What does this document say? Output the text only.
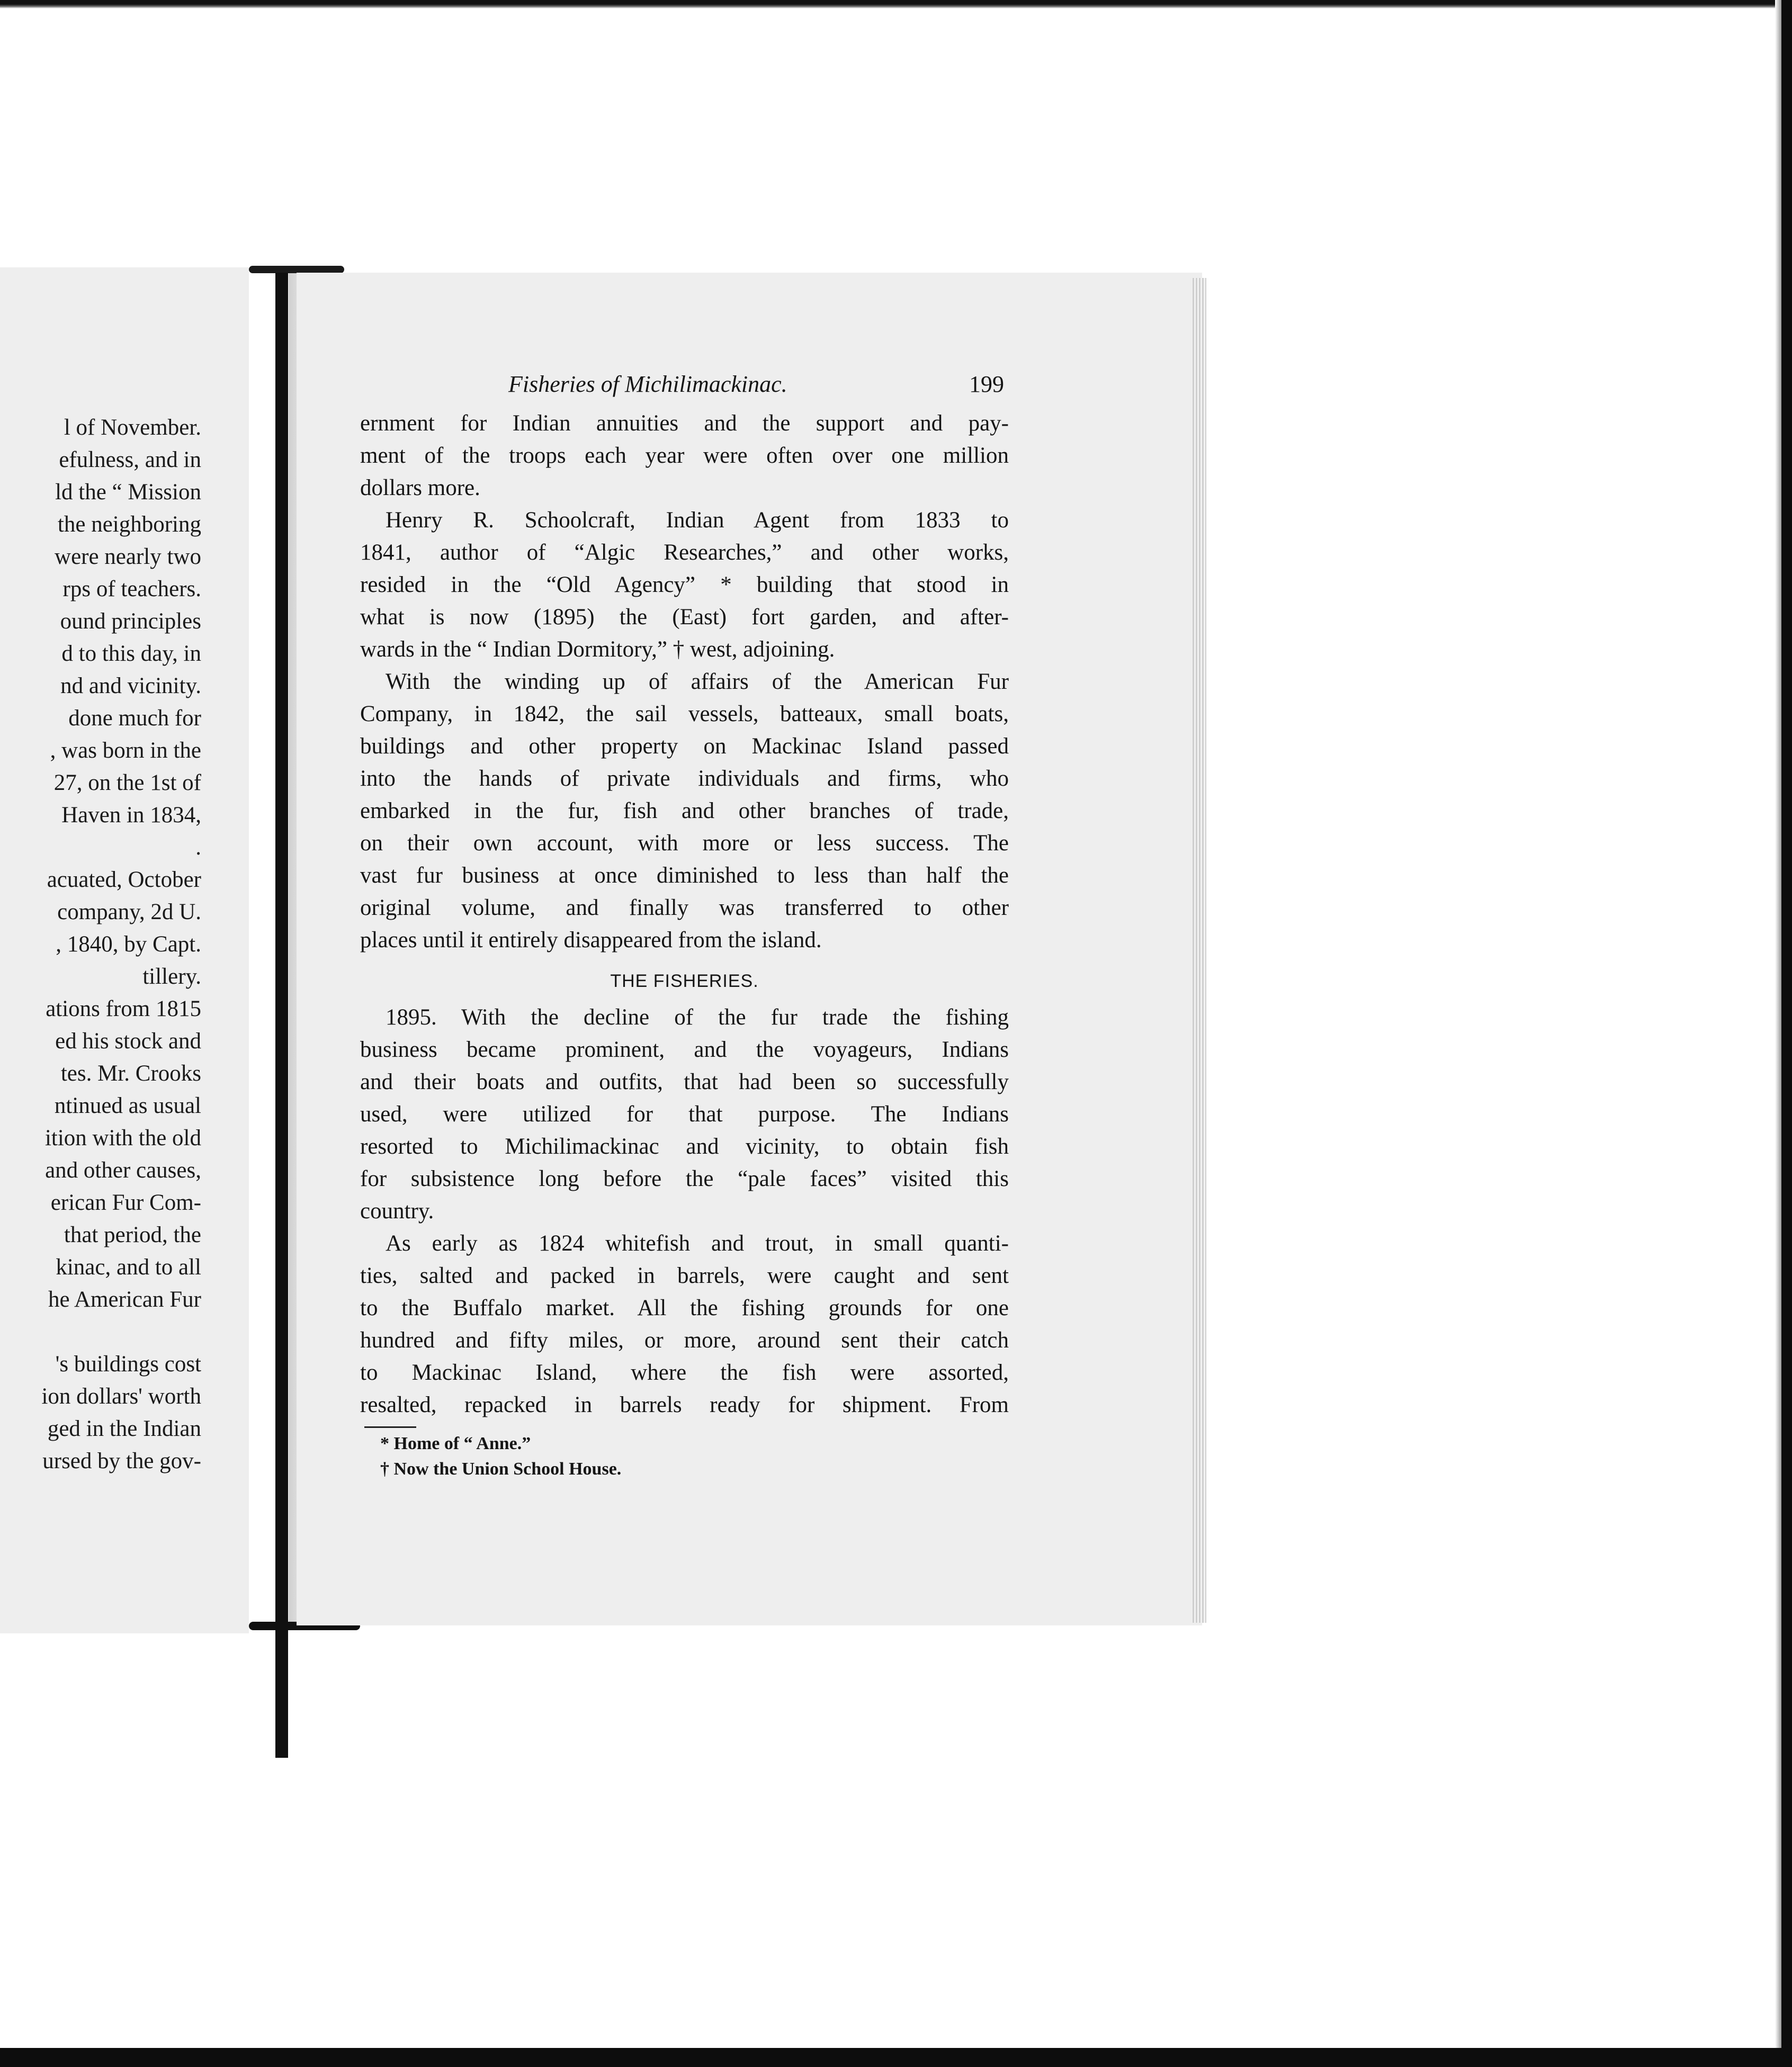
l of November.
efulness, and in
ld the “ Mission
the neighboring
were nearly two
rps of teachers.
ound principles
d to this day, in
nd and vicinity.
done much for
, was born in the
27, on the 1st of
Haven in 1834,
.
acuated, October
company, 2d U.
, 1840, by Capt.
tillery.
ations from 1815
ed his stock and
tes. Mr. Crooks
ntinued as usual
ition with the old
and other causes,
erican Fur Com-
that period, the
kinac, and to all
he American Fur
's buildings cost
ion dollars' worth
ged in the Indian
ursed by the gov-
Fisheries of Michilimackinac.	199
ernment for Indian annuities and the support and pay-
ment of the troops each year were often over one million
dollars more.
Henry R. Schoolcraft, Indian Agent from 1833 to
1841, author of “Algic Researches,” and other works,
resided in the “Old Agency” * building that stood in
what is now (1895) the (East) fort garden, and after-
wards in the “ Indian Dormitory,” † west, adjoining.
With the winding up of affairs of the American Fur
Company, in 1842, the sail vessels, batteaux, small boats,
buildings and other property on Mackinac Island passed
into the hands of private individuals and firms, who
embarked in the fur, fish and other branches of trade,
on their own account, with more or less success. The
vast fur business at once diminished to less than half the
original volume, and finally was transferred to other
places until it entirely disappeared from the island.
THE FISHERIES.
1895. With the decline of the fur trade the fishing
business became prominent, and the voyageurs, Indians
and their boats and outfits, that had been so successfully
used, were utilized for that purpose. The Indians
resorted to Michilimackinac and vicinity, to obtain fish
for subsistence long before the “pale faces” visited this
country.
As early as 1824 whitefish and trout, in small quanti-
ties, salted and packed in barrels, were caught and sent
to the Buffalo market. All the fishing grounds for one
hundred and fifty miles, or more, around sent their catch
to Mackinac Island, where the fish were assorted,
resalted, repacked in barrels ready for shipment. From
* Home of “ Anne.”
† Now the Union School House.
